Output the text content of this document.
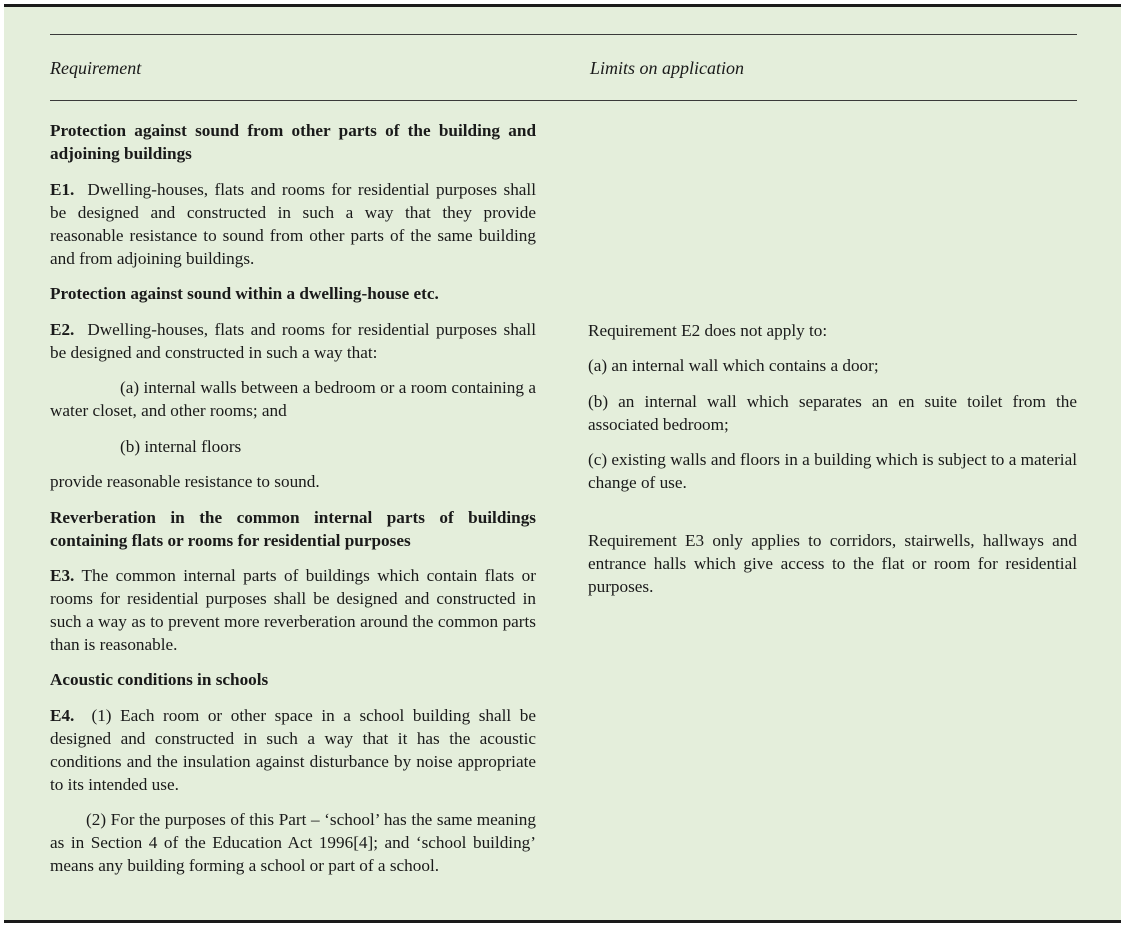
Requirement	Limits on application

Protection against sound from other parts of the building and adjoining buildings

E1. Dwelling-houses, flats and rooms for residential purposes shall be designed and constructed in such a way that they provide reasonable resistance to sound from other parts of the same building and from adjoining buildings.

Protection against sound within a dwelling-house etc.

E2. Dwelling-houses, flats and rooms for residential purposes shall be designed and constructed in such a way that:

(a) internal walls between a bedroom or a room containing a water closet, and other rooms; and

(b) internal floors

provide reasonable resistance to sound.

Reverberation in the common internal parts of buildings containing flats or rooms for residential purposes

E3. The common internal parts of buildings which contain flats or rooms for residential purposes shall be designed and constructed in such a way as to prevent more reverberation around the common parts than is reasonable.

Acoustic conditions in schools

E4. (1) Each room or other space in a school building shall be designed and constructed in such a way that it has the acoustic conditions and the insulation against disturbance by noise appropriate to its intended use.

(2) For the purposes of this Part – ‘school’ has the same meaning as in Section 4 of the Education Act 1996[4]; and ‘school building’ means any building forming a school or part of a school.

Requirement E2 does not apply to:

(a) an internal wall which contains a door;

(b) an internal wall which separates an en suite toilet from the associated bedroom;

(c) existing walls and floors in a building which is subject to a material change of use.

Requirement E3 only applies to corridors, stairwells, hallways and entrance halls which give access to the flat or room for residential purposes.
